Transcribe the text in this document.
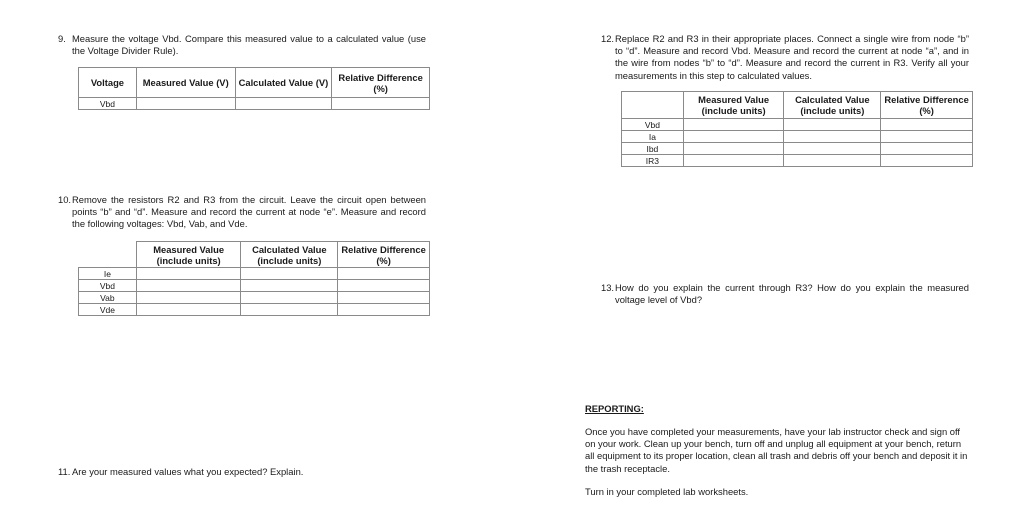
9. Measure the voltage Vbd. Compare this measured value to a calculated value (use the Voltage Divider Rule).
Voltage	Measured Value (V)	Calculated Value (V)	Relative Difference (%)
Vbd			
10. Remove the resistors R2 and R3 from the circuit. Leave the circuit open between points “b” and “d”. Measure and record the current at node “e”. Measure and record the following voltages: Vbd, Vab, and Vde.
	Measured Value (include units)	Calculated Value (include units)	Relative Difference (%)
Ie			
Vbd			
Vab			
Vde			
11. Are your measured values what you expected? Explain.
12. Replace R2 and R3 in their appropriate places. Connect a single wire from node “b” to “d”. Measure and record Vbd. Measure and record the current at node “a”, and in the wire from nodes “b” to “d”. Measure and record the current in R3. Verify all your measurements in this step to calculated values.
	Measured Value (include units)	Calculated Value (include units)	Relative Difference (%)
Vbd			
Ia			
Ibd			
IR3			
13. How do you explain the current through R3? How do you explain the measured voltage level of Vbd?
REPORTING:
Once you have completed your measurements, have your lab instructor check and sign off on your work. Clean up your bench, turn off and unplug all equipment at your bench, return all equipment to its proper location, clean all trash and debris off your bench and deposit it in the trash receptacle.
Turn in your completed lab worksheets.
